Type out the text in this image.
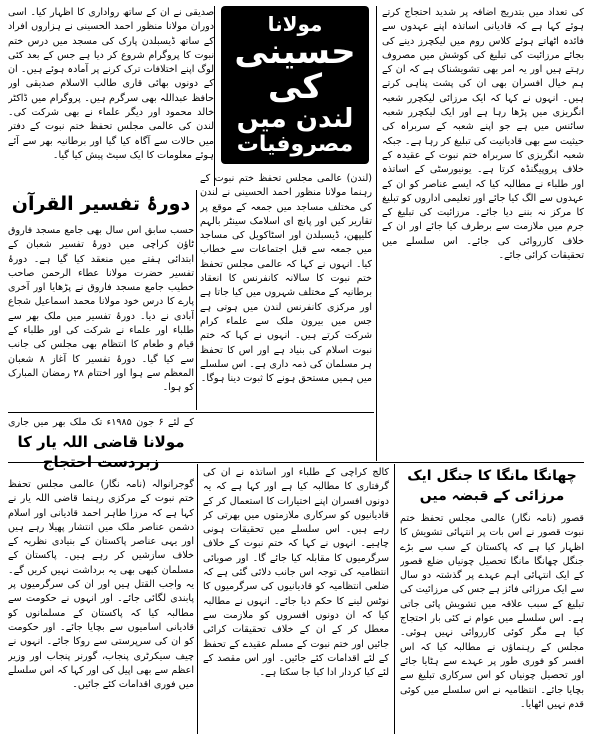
مولانا
حسینی کی
لندن میں
مصروفیات

صدیقی نے ان کے ساتھ رواداری کا اظہار کیا۔ اسی دوران مولانا منظور احمد الحسینی نے ہزاروں افراد کے ساتھ ڈیسبلدن پارک کی مسجد میں درس ختم نبوت کا پروگرام شروع کر دیا ہے جس کے بعد کئی لوگ اپنے اختلافات ترک کرنے پر آمادہ ہوئے ہیں۔ ان کے دونوں بھائی قاری طالب الاسلام صدیقی اور حافظ عبداللہ بھی سرگرم ہیں۔ پروگرام میں ڈاکٹر خالد محمود اور دیگر علماء نے بھی شرکت کی۔ لندن کی عالمی مجلس تحفظ ختم نبوت کے دفتر میں حالات سے آگاہ کیا گیا اور برطانیہ بھر سے آئے ہوئے معلومات کا ایک سیٹ پیش کیا گیا۔

کی تعداد میں بتدریج اضافہ پر شدید احتجاج کرتے ہوئے کہا ہے کہ قادیانی اساتذہ اپنے عہدوں سے فائدہ اٹھاتے ہوئے کلاس روم میں لیکچرز دینے کی بجائے مرزائیت کی تبلیغ کی کوشش میں مصروف رہتے ہیں اور یہ امر بھی تشویشناک ہے کہ ان کے ہم خیال افسران بھی ان کی پشت پناہی کرتے ہیں۔ انہوں نے کہا کہ ایک مرزائی لیکچرر شعبہ انگریزی میں پڑھا رہا ہے اور ایک لیکچرر شعبہ سائنس میں ہے جو اپنے شعبہ کے سربراہ کی حیثیت سے بھی قادیانیت کی تبلیغ کر رہا ہے۔ جبکہ شعبہ انگریزی کا سربراہ ختم نبوت کے عقیدہ کے خلاف پروپیگنڈہ کرتا ہے۔ یونیورسٹی کے اساتذہ اور طلباء نے مطالبہ کیا کہ ایسے عناصر کو ان کے عہدوں سے الگ کیا جائے اور تعلیمی اداروں کو تبلیغ کا مرکز نہ بننے دیا جائے۔ مرزائیت کی تبلیغ کے جرم میں ملازمت سے برطرف کیا جائے اور ان کے خلاف کارروائی کی جائے۔ اس سلسلے میں تحقیقات کرائی جائے۔

(لندن) عالمی مجلس تحفظ ختم نبوت کے رہنما مولانا منظور احمد الحسینی نے لندن کی مختلف مساجد میں جمعہ کے موقع پر تقاریر کیں اور پانچ ای اسلامک سینٹر بالہم کلیپھن، ڈیسبلدن اور اسٹاکویل کی مساجد میں جمعہ سے قبل اجتماعات سے خطاب کیا۔ انہوں نے کہا کہ عالمی مجلس تحفظ ختم نبوت کا سالانہ کانفرنس کا انعقاد برطانیہ کے مختلف شہروں میں کیا جاتا ہے اور مرکزی کانفرنس لندن میں ہوتی ہے جس میں بیرون ملک سے علماء کرام شرکت کرتے ہیں۔ انہوں نے کہا کہ ختم نبوت اسلام کی بنیاد ہے اور اس کا تحفظ ہر مسلمان کی ذمہ داری ہے۔ اس سلسلے میں ہمیں مستحق ہونے کا ثبوت دینا ہوگا۔

دورۂ تفسیر القرآن

حسب سابق اس سال بھی جامع مسجد فاروق ٹاؤن کراچی میں دورۂ تفسیر شعبان کے ابتدائی ہفتے میں منعقد کیا گیا ہے۔ دورۂ تفسیر حضرت مولانا عطاء الرحمن صاحب خطیب جامع مسجد فاروق نے پڑھایا اور آخری پارے کا درس خود مولانا محمد اسماعیل شجاع آبادی نے دیا۔ دورۂ تفسیر میں ملک بھر سے طلباء اور علماء نے شرکت کی اور طلباء کے قیام و طعام کا انتظام بھی مجلس کی جانب سے کیا گیا۔ دورۂ تفسیر کا آغاز ۸ شعبان المعظم سے ہوا اور اختتام ۲۸ رمضان المبارک کو ہوا۔

کے لئے ۶ جون ۱۹۸۵ء تک ملک بھر میں جاری

مولانا قاضی اللہ یار کا زبردست احتجاج

گوجرانوالہ (نامہ نگار) عالمی مجلس تحفظ ختم نبوت کے مرکزی رہنما قاضی اللہ یار نے کہا ہے کہ مرزا طاہر احمد قادیانی اور اسلام دشمن عناصر ملک میں انتشار پھیلا رہے ہیں اور یہی عناصر پاکستان کے بنیادی نظریہ کے خلاف سازشیں کر رہے ہیں۔ پاکستان کے مسلمان کبھی بھی یہ برداشت نہیں کریں گے۔ یہ واجب القتل ہیں اور ان کی سرگرمیوں پر پابندی لگائی جائے۔ اور انہوں نے حکومت سے مطالبہ کیا کہ پاکستان کے مسلمانوں کو قادیانی اسامیوں سے بچایا جائے۔ اور حکومت کو ان کی سرپرستی سے روکا جائے۔ انہوں نے چیف سیکرٹری پنجاب، گورنر پنجاب اور وزیر اعظم سے بھی اپیل کی اور کہا کہ اس سلسلے میں فوری اقدامات کئے جائیں۔

کالج کراچی کے طلباء اور اساتذہ نے ان کی گرفتاری کا مطالبہ کیا ہے اور کہا ہے کہ یہ دونوں افسران اپنے اختیارات کا استعمال کر کے قادیانیوں کو سرکاری ملازمتوں میں بھرتی کر رہے ہیں۔ اس سلسلے میں تحقیقات ہونی چاہیے۔ انہوں نے کہا کہ ختم نبوت کے خلاف سرگرمیوں کا مقابلہ کیا جائے گا۔ اور صوبائی انتظامیہ کی توجہ اس جانب دلائی گئی ہے کہ ضلعی انتظامیہ کو قادیانیوں کی سرگرمیوں کا نوٹس لینے کا حکم دیا جائے۔ انہوں نے مطالبہ کیا کہ ان دونوں افسروں کو ملازمت سے معطل کر کے ان کے خلاف تحقیقات کرائی جائیں اور ختم نبوت کے مسلم عقیدے کے تحفظ کے لئے اقدامات کئے جائیں۔ اور اس مقصد کے لئے کیا کردار ادا کیا جا سکتا ہے۔

چھانگا مانگا کا جنگل ایک مرزائی کے قبضہ میں

قصور (نامہ نگار) عالمی مجلس تحفظ ختم نبوت قصور نے اس بات پر انتہائی تشویش کا اظہار کیا ہے کہ پاکستان کے سب سے بڑے جنگل چھانگا مانگا تحصیل چونیاں ضلع قصور کے ایک انتہائی اہم عہدے پر گذشتہ دو سال سے ایک مرزائی فائز ہے جس کی مرزائیت کی تبلیغ کے سبب علاقہ میں تشویش پائی جاتی ہے۔ اس سلسلے میں عوام نے کئی بار احتجاج کیا ہے مگر کوئی کارروائی نہیں ہوئی۔ مجلس کے رہنماؤں نے مطالبہ کیا کہ اس افسر کو فوری طور پر عہدے سے ہٹایا جائے اور تحصیل چونیاں کو اس سرکاری تبلیغ سے بچایا جائے۔ انتظامیہ نے اس سلسلے میں کوئی قدم نہیں اٹھایا۔
